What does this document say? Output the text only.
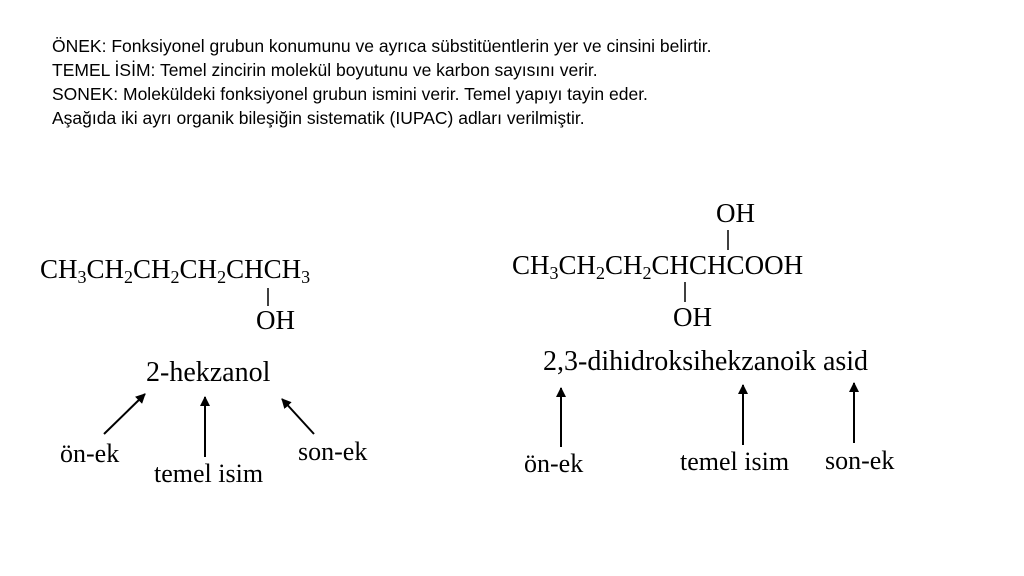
ÖNEK: Fonksiyonel grubun konumunu ve ayrıca sübstitüentlerin yer ve cinsini belirtir.
TEMEL İSİM: Temel zincirin molekül boyutunu ve karbon sayısını verir.
SONEK: Moleküldeki fonksiyonel grubun ismini verir. Temel yapıyı tayin eder.
Aşağıda iki ayrı organik bileşiğin sistematik (IUPAC) adları verilmiştir.
$CH_3CH_2CH_2CH_2CHCH_3$
OH
2-hekzanol
ön-ek
temel isim
son-ek
OH
$CH_3CH_2CH_2CHCHCOOH$
OH
2,3-dihidroksihekzanoik asid
ön-ek	temel isim son-ek
